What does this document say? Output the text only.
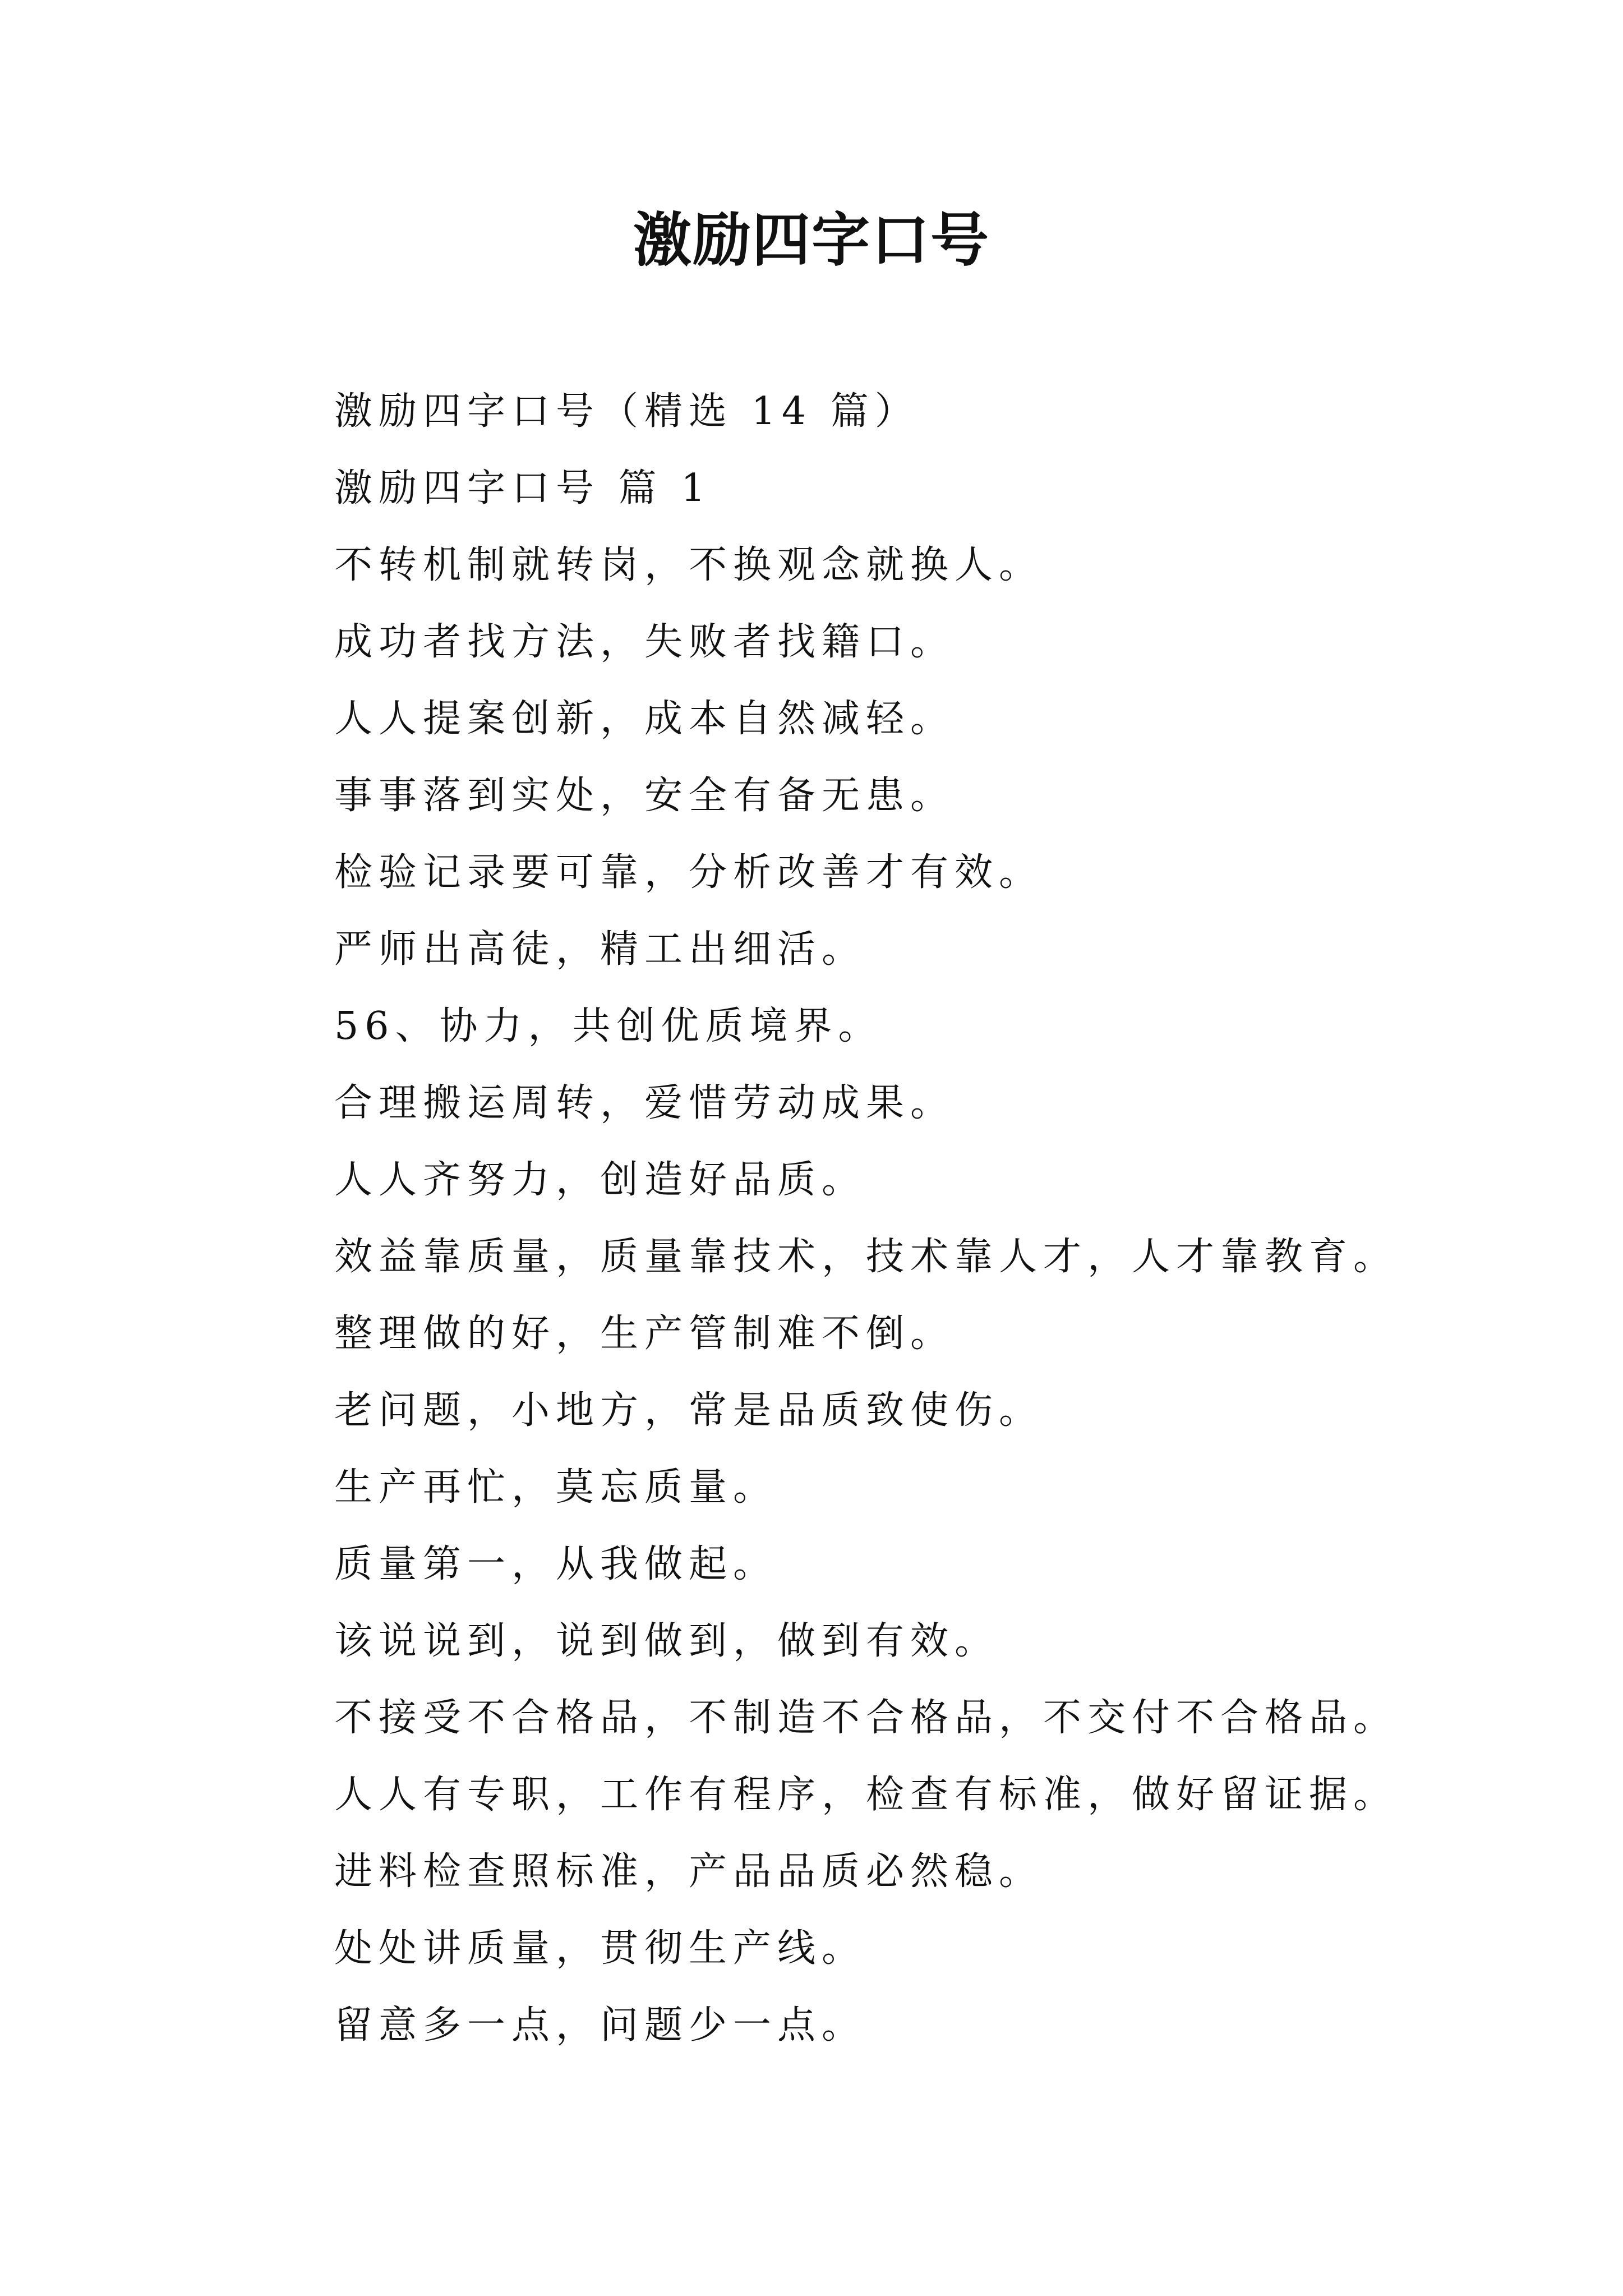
激励四字口号
激励四字口号（精选 14 篇）
激励四字口号 篇 1
不转机制就转岗，不换观念就换人。
成功者找方法，失败者找籍口。
人人提案创新，成本自然减轻。
事事落到实处，安全有备无患。
检验记录要可靠，分析改善才有效。
严师出高徒，精工出细活。
56、协力，共创优质境界。
合理搬运周转，爱惜劳动成果。
人人齐努力，创造好品质。
效益靠质量，质量靠技术，技术靠人才，人才靠教育。
整理做的好，生产管制难不倒。
老问题，小地方，常是品质致使伤。
生产再忙，莫忘质量。
质量第一，从我做起。
该说说到，说到做到，做到有效。
不接受不合格品，不制造不合格品，不交付不合格品。
人人有专职，工作有程序，检查有标准，做好留证据。
进料检查照标准，产品品质必然稳。
处处讲质量，贯彻生产线。
留意多一点，问题少一点。
